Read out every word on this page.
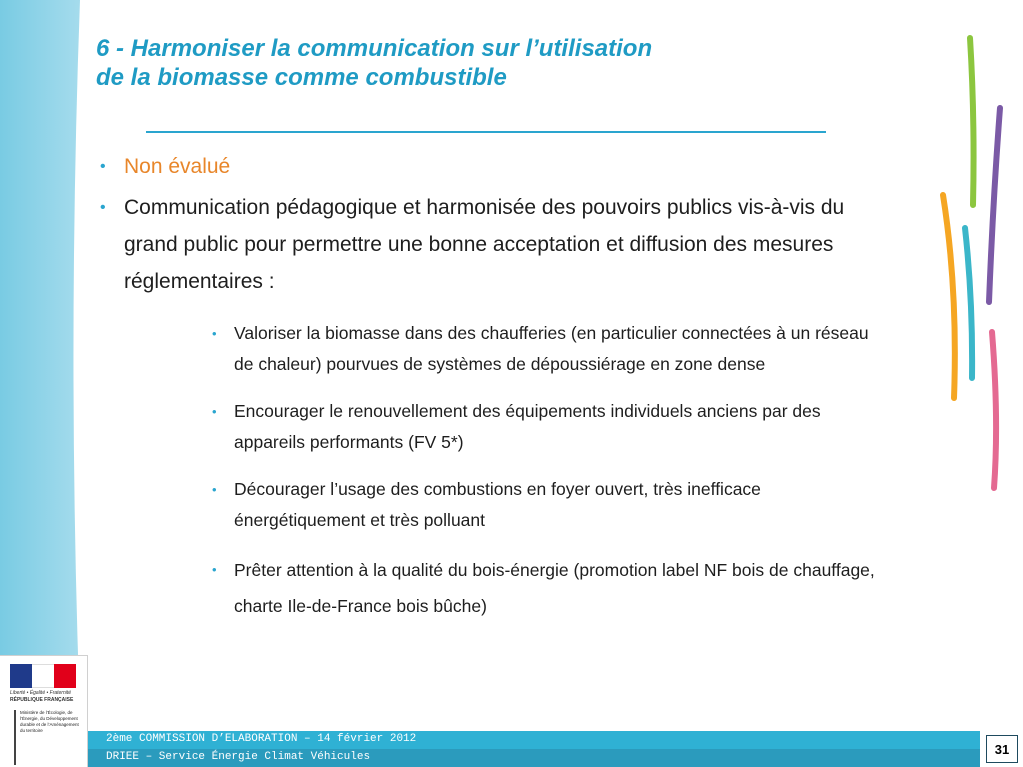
Liberté • Égalité • Fraternité
RÉPUBLIQUE FRANÇAISE
Ministère de l’Écologie, de l’Énergie, du Développement durable et de l’Aménagement du territoire
6 - Harmoniser la communication sur l’utilisation
de la biomasse comme combustible
• Non évalué
• Communication pédagogique et harmonisée des pouvoirs publics vis-à-vis du grand public pour permettre une bonne acceptation et diffusion des mesures réglementaires :
• Valoriser la biomasse dans des chaufferies (en particulier connectées à un réseau de chaleur) pourvues de systèmes de dépoussiérage en zone dense
• Encourager le renouvellement des équipements individuels anciens par des appareils performants (FV 5*)
• Décourager l’usage des combustions en foyer ouvert, très inefficace énergétiquement et très polluant
• Prêter attention à la qualité du bois-énergie (promotion label NF bois de chauffage, charte Ile-de-France bois bûche)
2ème COMMISSION D’ELABORATION – 14 février 2012
DRIEE – Service Énergie Climat Véhicules
31
